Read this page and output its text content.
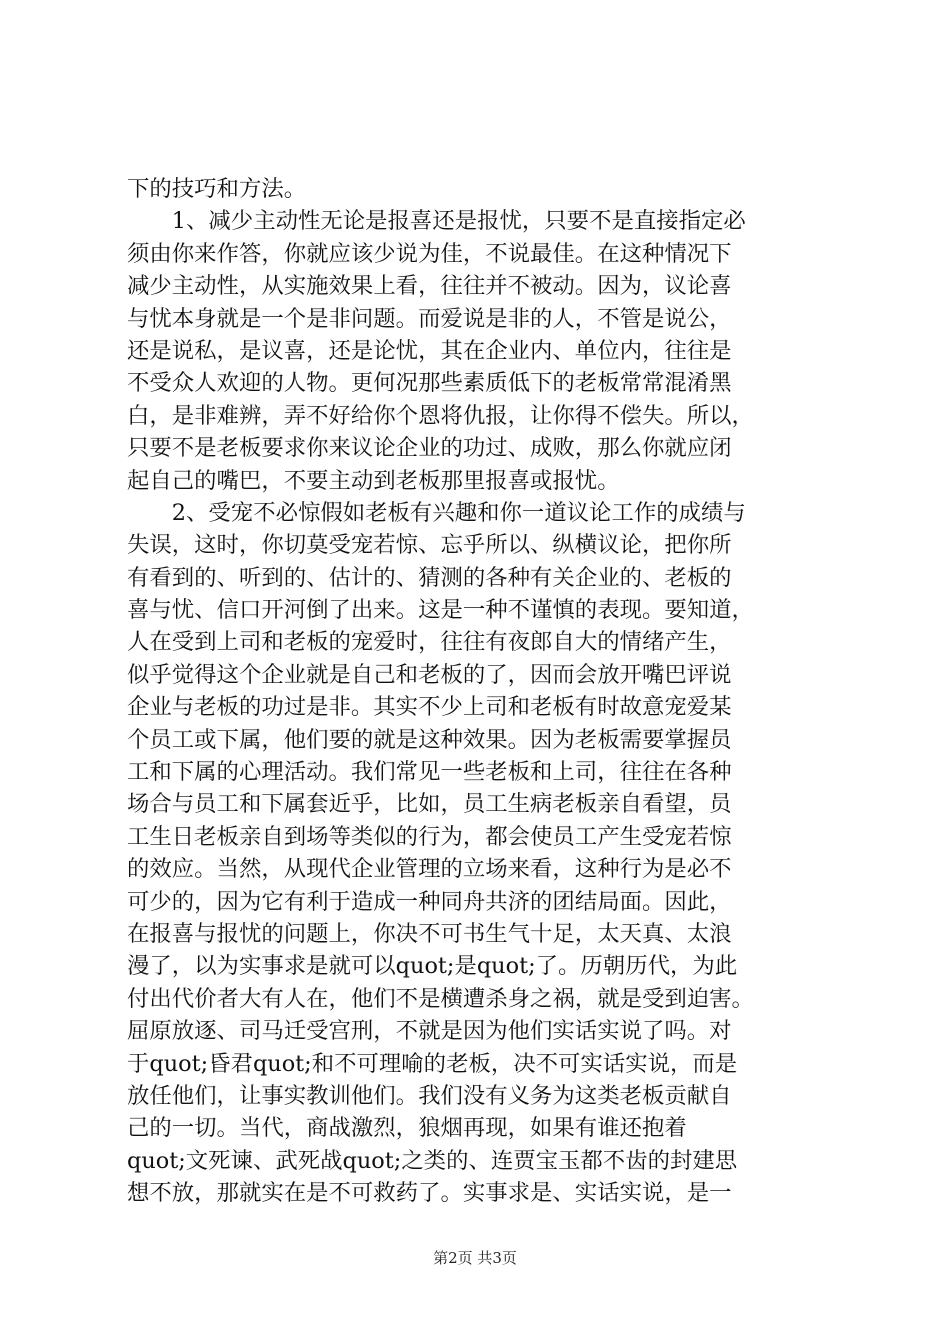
下的技巧和方法。
　　1、减少主动性无论是报喜还是报忧，只要不是直接指定必
须由你来作答，你就应该少说为佳，不说最佳。在这种情况下
减少主动性，从实施效果上看，往往并不被动。因为，议论喜
与忧本身就是一个是非问题。而爱说是非的人，不管是说公，
还是说私，是议喜，还是论忧，其在企业内、单位内，往往是
不受众人欢迎的人物。更何况那些素质低下的老板常常混淆黑
白，是非难辨，弄不好给你个恩将仇报，让你得不偿失。所以，
只要不是老板要求你来议论企业的功过、成败，那么你就应闭
起自己的嘴巴，不要主动到老板那里报喜或报忧。
　　2、受宠不必惊假如老板有兴趣和你一道议论工作的成绩与
失误，这时，你切莫受宠若惊、忘乎所以、纵横议论，把你所
有看到的、听到的、估计的、猜测的各种有关企业的、老板的
喜与忧、信口开河倒了出来。这是一种不谨慎的表现。要知道，
人在受到上司和老板的宠爱时，往往有夜郎自大的情绪产生，
似乎觉得这个企业就是自己和老板的了，因而会放开嘴巴评说
企业与老板的功过是非。其实不少上司和老板有时故意宠爱某
个员工或下属，他们要的就是这种效果。因为老板需要掌握员
工和下属的心理活动。我们常见一些老板和上司，往往在各种
场合与员工和下属套近乎，比如，员工生病老板亲自看望，员
工生日老板亲自到场等类似的行为，都会使员工产生受宠若惊
的效应。当然，从现代企业管理的立场来看，这种行为是必不
可少的，因为它有利于造成一种同舟共济的团结局面。因此，
在报喜与报忧的问题上，你决不可书生气十足，太天真、太浪
漫了，以为实事求是就可以quot;是quot;了。历朝历代，为此
付出代价者大有人在，他们不是横遭杀身之祸，就是受到迫害。
屈原放逐、司马迁受宫刑，不就是因为他们实话实说了吗。对
于quot;昏君quot;和不可理喻的老板，决不可实话实说，而是
放任他们，让事实教训他们。我们没有义务为这类老板贡献自
己的一切。当代，商战激烈，狼烟再现，如果有谁还抱着
quot;文死谏、武死战quot;之类的、连贾宝玉都不齿的封建思
想不放，那就实在是不可救药了。实事求是、实话实说，是一
第2页 共3页
